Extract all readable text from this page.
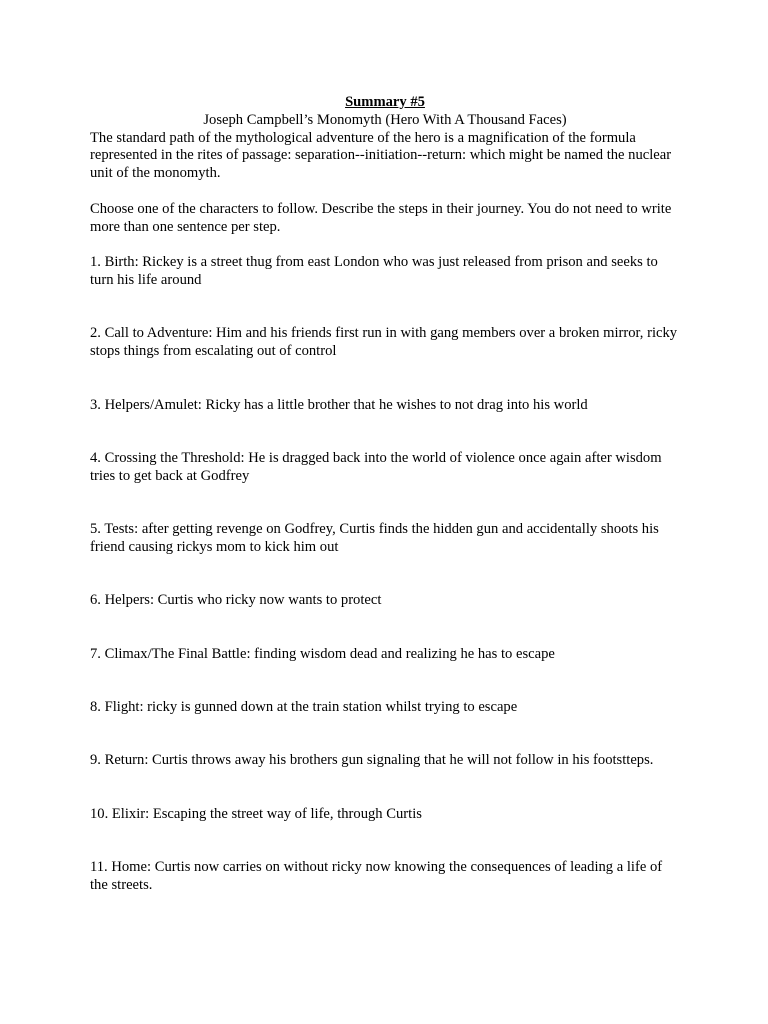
Summary #5
Joseph Campbell’s Monomyth (Hero With A Thousand Faces)

The standard path of the mythological adventure of the hero is a magnification of the formula represented in the rites of passage: separation--initiation--return: which might be named the nuclear unit of the monomyth.

Choose one of the characters to follow. Describe the steps in their journey. You do not need to write more than one sentence per step.

1. Birth: Rickey is a street thug from east London who was just released from prison and seeks to turn his life around

2. Call to Adventure: Him and his friends first run in with gang members over a broken mirror, ricky stops things from escalating out of control

3. Helpers/Amulet: Ricky has a little brother that he wishes to not drag into his world

4. Crossing the Threshold: He is dragged back into the world of violence once again after wisdom tries to get back at Godfrey

5. Tests: after getting revenge on Godfrey, Curtis finds the hidden gun and accidentally shoots his friend causing rickys mom to kick him out

6. Helpers: Curtis who ricky now wants to protect

7. Climax/The Final Battle: finding wisdom dead and realizing he has to escape

8. Flight: ricky is gunned down at the train station whilst trying to escape

9. Return: Curtis throws away his brothers gun signaling that he will not follow in his footstteps.

10. Elixir: Escaping the street way of life, through Curtis

11. Home: Curtis now carries on without ricky now knowing the consequences of leading a life of the streets.
